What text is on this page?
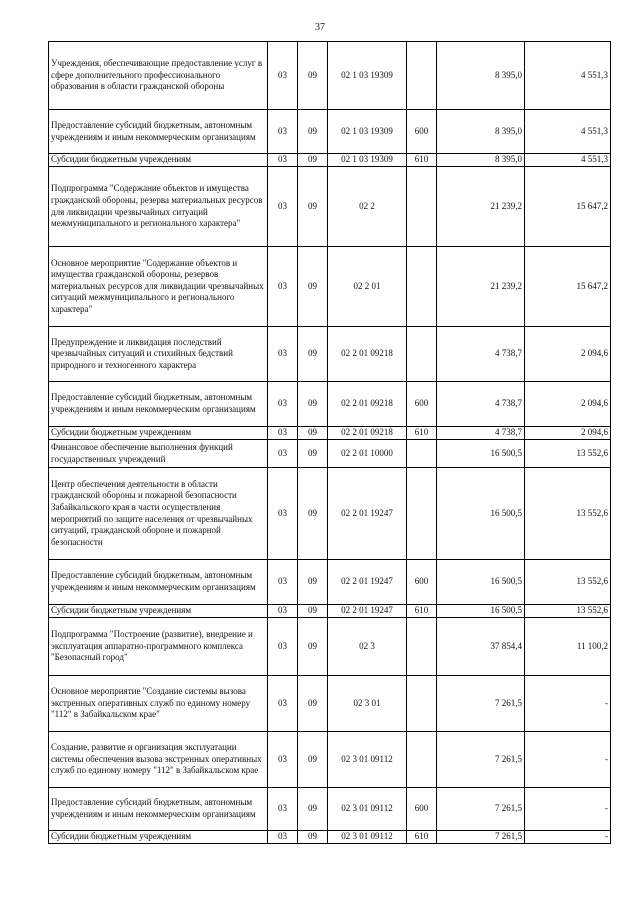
37
Учреждения, обеспечивающие предоставление услуг в сфере дополнительного профессионального образования в области гражданской обороны	03	09	02 1 03 19309		8 395,0	4 551,3
Предоставление субсидий бюджетным, автономным учреждениям и иным некоммерческим организациям	03	09	02 1 03 19309	600	8 395,0	4 551,3
Субсидии бюджетным учреждениям	03	09	02 1 03 19309	610	8 395,0	4 551,3
Подпрограмма "Содержание объектов и имущества гражданской обороны, резерва материальных ресурсов для ликвидации чрезвычайных ситуаций межмуниципального и регионального характера"	03	09	02 2		21 239,2	15 647,2
Основное мероприятие "Содержание объектов и имущества гражданской обороны, резервов материальных ресурсов для ликвидации чрезвычайных ситуаций межмуниципального и регионального характера"	03	09	02 2 01		21 239,2	15 647,2
Предупреждение и ликвидация последствий чрезвычайных ситуаций и стихийных бедствий природного и техногенного характера	03	09	02 2 01 09218		4 738,7	2 094,6
Предоставление субсидий бюджетным, автономным учреждениям и иным некоммерческим организациям	03	09	02 2 01 09218	600	4 738,7	2 094,6
Субсидии бюджетным учреждениям	03	09	02 2 01 09218	610	4 738,7	2 094,6
Финансовое обеспечение выполнения функций государственных учреждений	03	09	02 2 01 10000		16 500,5	13 552,6
Центр обеспечения деятельности в области гражданской обороны и пожарной безопасности Забайкальского края в части осуществления мероприятий по защите населения от чрезвычайных ситуаций, гражданской обороне и пожарной безопасности	03	09	02 2 01 19247		16 500,5	13 552,6
Предоставление субсидий бюджетным, автономным учреждениям и иным некоммерческим организациям	03	09	02 2 01 19247	600	16 500,5	13 552,6
Субсидии бюджетным учреждениям	03	09	02 2 01 19247	610	16 500,5	13 552,6
Подпрограмма "Построение (развитие), внедрение и эксплуатация аппаратно-программного комплекса "Безопасный город"	03	09	02 3		37 854,4	11 100,2
Основное мероприятие "Создание системы вызова экстренных оперативных служб по единому номеру "112" в Забайкальском крае"	03	09	02 3 01		7 261,5	-
Создание, развитие и организация эксплуатации системы обеспечения вызова экстренных оперативных служб по единому номеру "112" в Забайкальском крае	03	09	02 3 01 09112		7 261,5	-
Предоставление субсидий бюджетным, автономным учреждениям и иным некоммерческим организациям	03	09	02 3 01 09112	600	7 261,5	-
Субсидии бюджетным учреждениям	03	09	02 3 01 09112	610	7 261,5	-
